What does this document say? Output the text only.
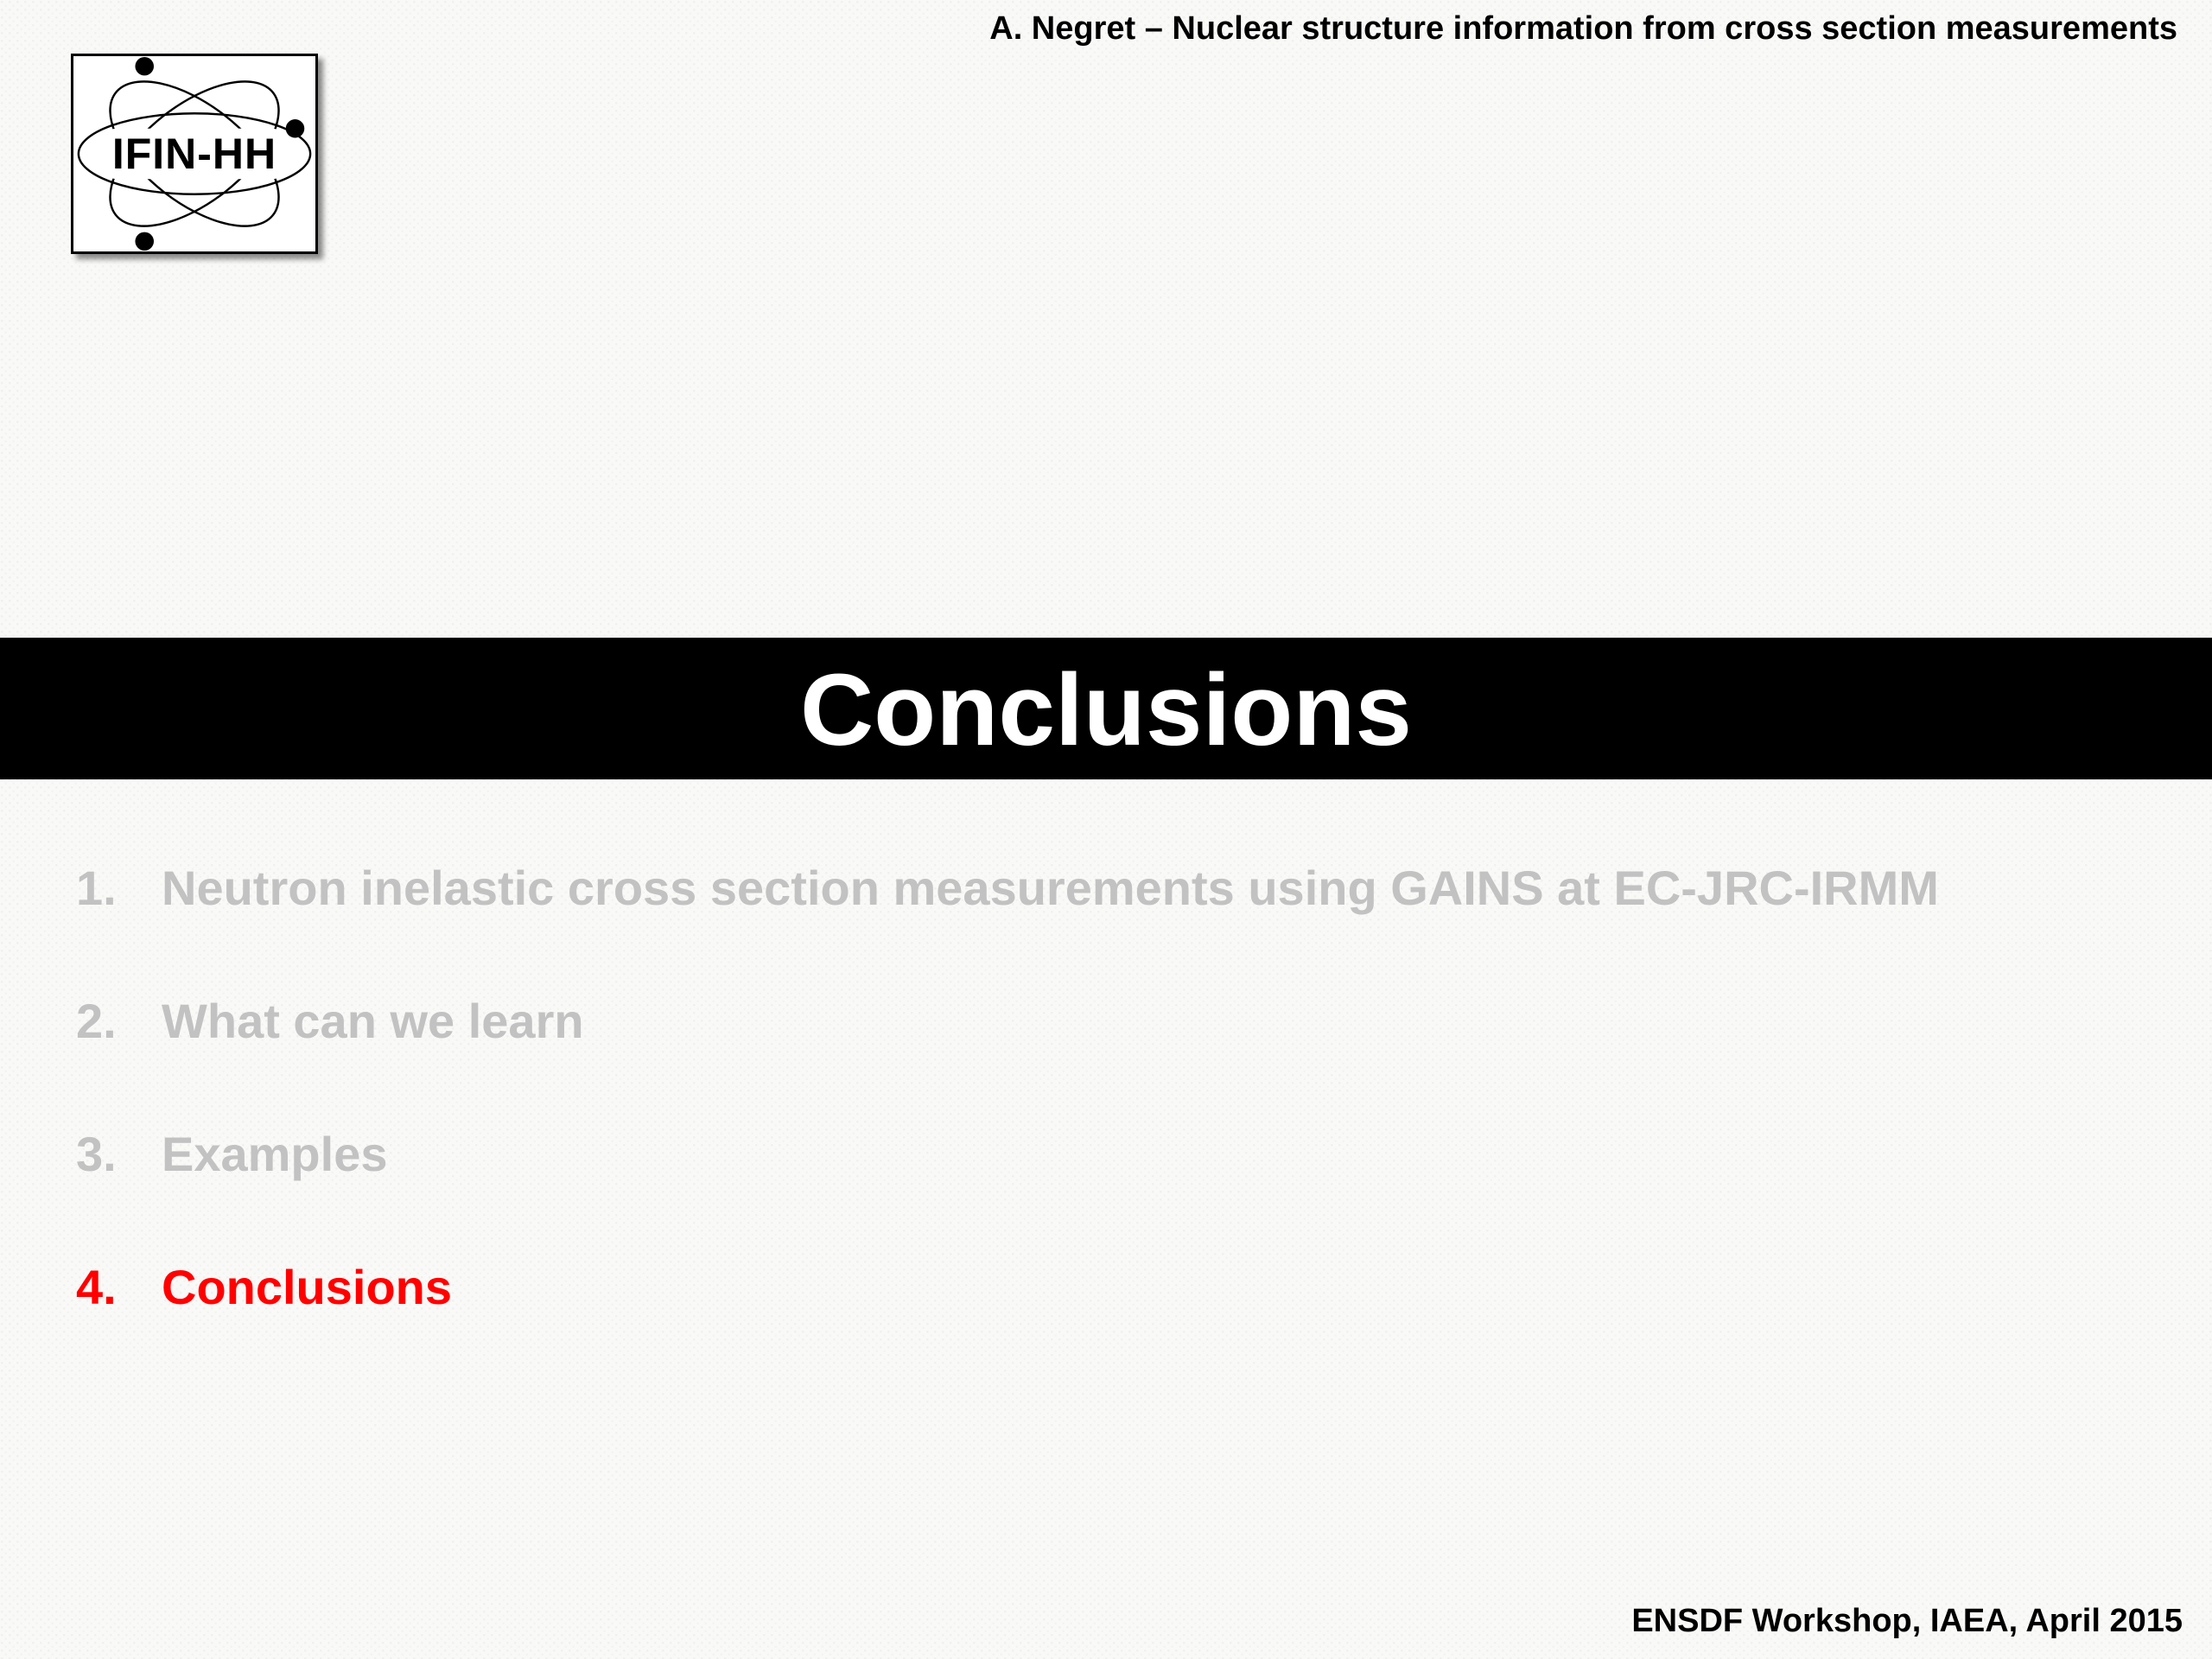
A. Negret – Nuclear structure information from cross section measurements
IFIN-HH
Conclusions
1. Neutron inelastic cross section measurements using GAINS at EC-JRC-IRMM
2. What can we learn
3. Examples
4. Conclusions
ENSDF Workshop, IAEA, April 2015
